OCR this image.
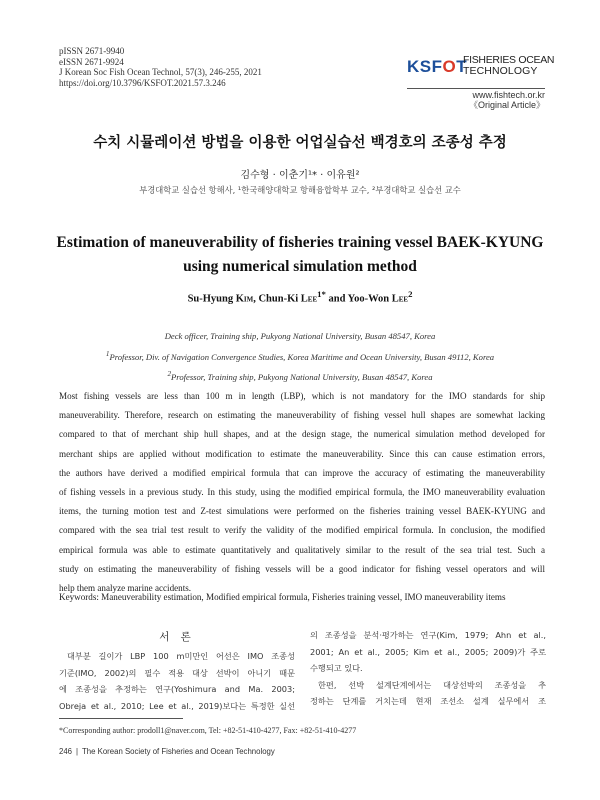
pISSN 2671-9940
eISSN 2671-9924
J Korean Soc Fish Ocean Technol, 57(3), 246-255, 2021
https://doi.org/10.3796/KSFOT.2021.57.3.246
KSFOT
FISHERIES OCEAN
TECHNOLOGY
www.fishtech.or.kr
《Original Article》
수치 시뮬레이션 방법을 이용한 어업실습선 백경호의 조종성 추정
김수형 · 이춘기¹* · 이유원²
부경대학교 실습선 항해사, ¹한국해양대학교 항해융합학부 교수, ²부경대학교 실습선 교수
Estimation of maneuverability of fisheries training vessel BAEK-KYUNG
using numerical simulation method
Su-Hyung Kim, Chun-Ki Lee$^{1*}$ and Yoo-Won Lee$^2$
Deck officer, Training ship, Pukyong National University, Busan 48547, Korea
$^1$Professor, Div. of Navigation Convergence Studies, Korea Maritime and Ocean University, Busan 49112, Korea
$^2$Professor, Training ship, Pukyong National University, Busan 48547, Korea
Most fishing vessels are less than 100 m in length (LBP), which is not mandatory for the IMO standards for ship
maneuverability. Therefore, research on estimating the maneuverability of fishing vessel hull shapes are somewhat lacking
compared to that of merchant ship hull shapes, and at the design stage, the numerical simulation method developed for
merchant ships are applied without modification to estimate the maneuverability. Since this can cause estimation errors,
the authors have derived a modified empirical formula that can improve the accuracy of estimating the maneuverability
of fishing vessels in a previous study. In this study, using the modified empirical formula, the IMO maneuverability evaluation
items, the turning motion test and Z-test simulations were performed on the fisheries training vessel BAEK-KYUNG and
compared with the sea trial test result to verify the validity of the modified empirical formula. In conclusion, the modified
empirical formula was able to estimate quantitatively and qualitatively similar to the result of the sea trial test. Such a
study on estimating the maneuverability of fishing vessels will be a good indicator for fishing vessel operators and will
help them analyze marine accidents.
Keywords: Maneuverability estimation, Modified empirical formula, Fisheries training vessel, IMO maneuverability items
서 론
대부분 길이가 LBP 100 m미만인 어선은 IMO 조종성
기준(IMO, 2002)의 필수 적용 대상 선박이 아니기 때문
에 조종성을 추정하는 연구(Yoshimura and Ma. 2003;
Obreja et al., 2010; Lee et al., 2019)보다는 특정한 실선
의 조종성을 분석·평가하는 연구(Kim, 1979; Ahn et al.,
2001; An et al., 2005; Kim et al., 2005; 2009)가 주로
수행되고 있다.
한편, 선박 설계단계에서는 대상선박의 조종성을 추
정하는 단계를 거치는데 현재 조선소 설계 실무에서 조
*Corresponding author: prodoll1@naver.com, Tel: +82-51-410-4277, Fax: +82-51-410-4277
246 | The Korean Society of Fisheries and Ocean Technology
